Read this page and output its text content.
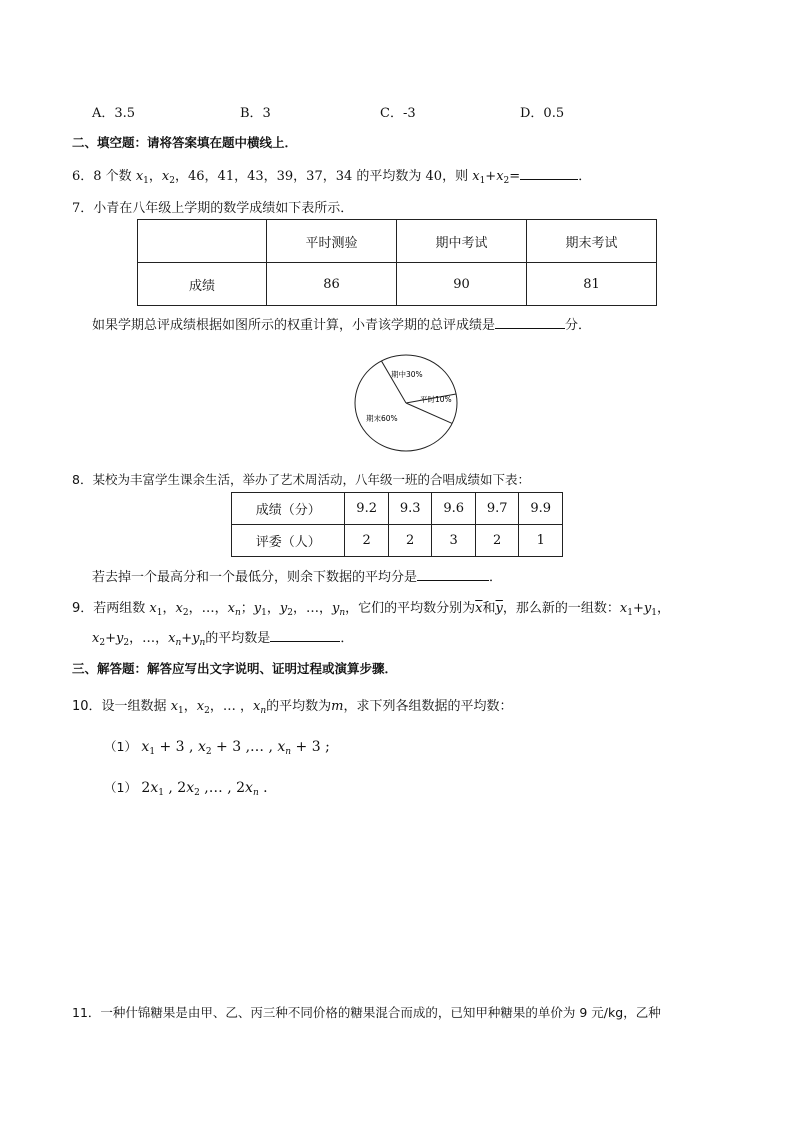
A．3.5	B．3	C．-3	D．0.5
二、填空题：请将答案填在题中横线上．
6．8 个数 $x_1$，$x_2$，46，41，43，39，37，34 的平均数为 40，则 $x_1+x_2=$	．
7．小青在八年级上学期的数学成绩如下表所示．
	平时测验	期中考试	期末考试
成绩	86	90	81
如果学期总评成绩根据如图所示的权重计算，小青该学期的总评成绩是	分．
期中30%
平时10%
期末60%
8．某校为丰富学生课余生活，举办了艺术周活动，八年级一班的合唱成绩如下表：
成绩（分）	9.2	9.3	9.6	9.7	9.9
评委（人）	2	2	3	2	1
若去掉一个最高分和一个最低分，则余下数据的平均分是	．
9．若两组数 $x_1$，$x_2$，…，$x_n$；$y_1$，$y_2$，…，$y_n$，它们的平均数分别为$\overline{x}$和$\overline{y}$，那么新的一组数：$x_1+y_1$，
$x_2+y_2$，…，$x_n+y_n$的平均数是	．
三、解答题：解答应写出文字说明、证明过程或演算步骤．
10．设一组数据 $x_1$，$x_2$，… ，$x_n$的平均数为m，求下列各组数据的平均数：
（1） $x_1 + 3$ , $x_2 + 3$ ,… , $x_n + 3$ ;
（1） $2x_1$ , $2x_2$ ,… , $2x_n$ .
11．一种什锦糖果是由甲、乙、丙三种不同价格的糖果混合而成的，已知甲种糖果的单价为 9 元/kg，乙种
